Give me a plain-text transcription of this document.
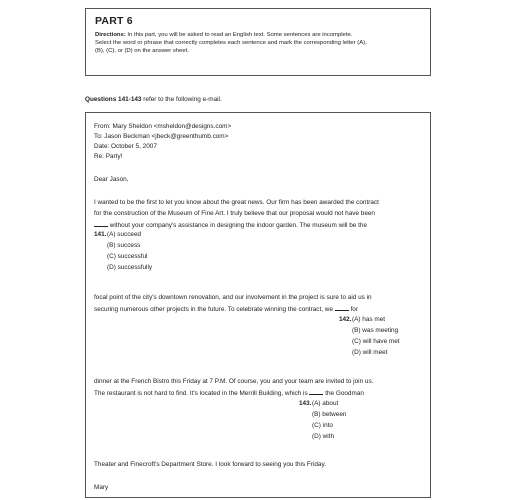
PART 6

Directions: In this part, you will be asked to read an English text. Some sentences are incomplete.
Select the word or phrase that correctly completes each sentence and mark the corresponding letter (A),
(B), (C), or (D) on the answer sheet.

Questions 141-143 refer to the following e-mail.
From: Mary Sheldon <msheldon@designs.com>
To: Jason Beckman <jbeck@greenthumb.com>
Date: October 5, 2007
Re: Party!
Dear Jason,
I wanted to be the first to let you know about the great news. Our firm has been awarded the contract
for the construction of the Museum of Fine Art. I truly believe that our proposal would not have been
without your company's assistance in designing the indoor garden. The museum will be the
141. (A) succeed
(B) success
(C) successful
(D) successfully
focal point of the city's downtown renovation, and our involvement in the project is sure to aid us in
securing numerous other projects in the future. To celebrate winning the contract, we  for
142. (A) has met
(B) was meeting
(C) will have met
(D) will meet
dinner at the French Bistro this Friday at 7 P.M. Of course, you and your team are invited to join us.
The restaurant is not hard to find. It's located in the Merrill Building, which is  the Goodman
143. (A) about
(B) between
(C) into
(D) with
Theater and Finecroft's Department Store. I look forward to seeing you this Friday.
Mary
